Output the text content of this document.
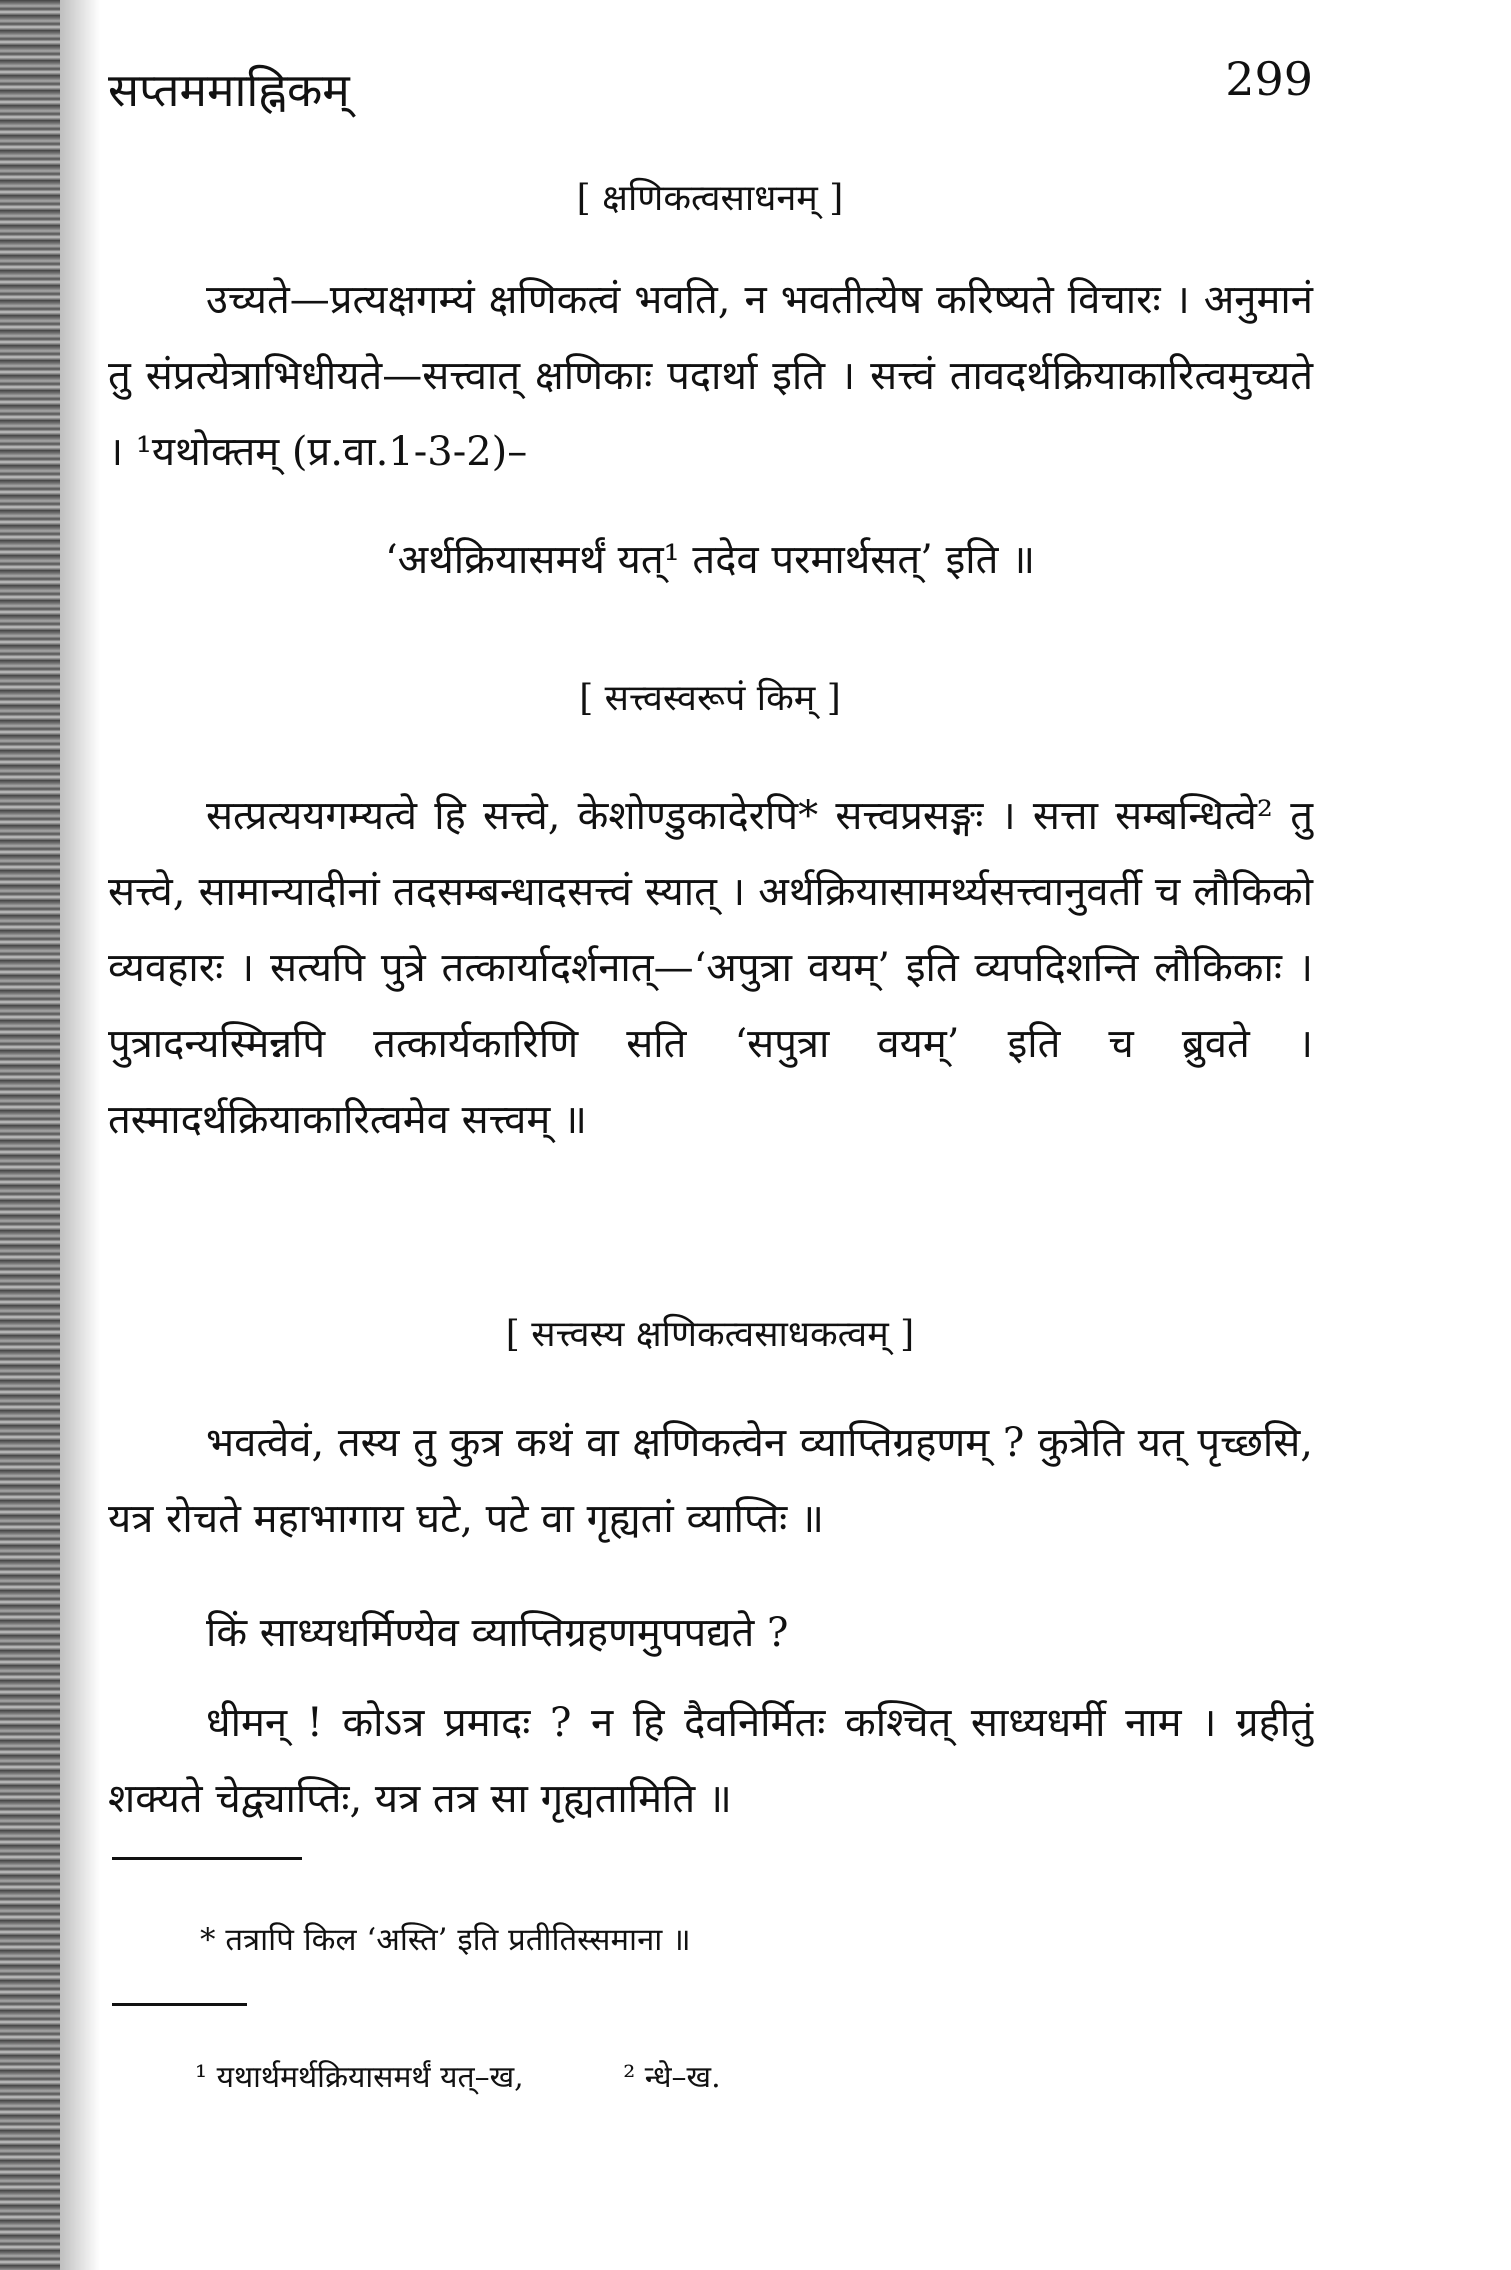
सप्तममाह्निकम्	299
[ क्षणिकत्वसाधनम् ]
उच्यते—प्रत्यक्षगम्यं क्षणिकत्वं भवति, न भवतीत्येष करिष्यते विचारः । अनुमानं तु संप्रत्येत्राभिधीयते—सत्त्वात् क्षणिकाः पदार्था इति । सत्त्वं तावदर्थक्रियाकारित्वमुच्यते । ¹यथोक्तम् (प्र.वा.1-3-2)–
‘अर्थक्रियासमर्थं यत्¹ तदेव परमार्थसत्’ इति ॥
[ सत्त्वस्वरूपं किम् ]
सत्प्रत्ययगम्यत्वे हि सत्त्वे, केशोण्डुकादेरपि* सत्त्वप्रसङ्गः । सत्ता सम्बन्धित्वे² तु सत्त्वे, सामान्यादीनां तदसम्बन्धादसत्त्वं स्यात् । अर्थक्रियासामर्थ्यसत्त्वानुवर्ती च लौकिको व्यवहारः । सत्यपि पुत्रे तत्कार्यादर्शनात्—‘अपुत्रा वयम्’ इति व्यपदिशन्ति लौकिकाः । पुत्रादन्यस्मिन्नपि तत्कार्यकारिणि सति ‘सपुत्रा वयम्’ इति च ब्रुवते । तस्मादर्थक्रियाकारित्वमेव सत्त्वम् ॥
[ सत्त्वस्य क्षणिकत्वसाधकत्वम् ]
भवत्वेवं, तस्य तु कुत्र कथं वा क्षणिकत्वेन व्याप्तिग्रहणम् ? कुत्रेति यत् पृच्छसि, यत्र रोचते महाभागाय घटे, पटे वा गृह्यतां व्याप्तिः ॥
किं साध्यधर्मिण्येव व्याप्तिग्रहणमुपपद्यते ?
धीमन् ! कोऽत्र प्रमादः ? न हि दैवनिर्मितः कश्चित् साध्यधर्मी नाम । ग्रहीतुं शक्यते चेद्व्याप्तिः, यत्र तत्र सा गृह्यतामिति ॥
* तत्रापि किल ‘अस्ति’ इति प्रतीतिस्समाना ॥
¹ यथार्थमर्थक्रियासमर्थं यत्–ख,	² न्धे–ख.
